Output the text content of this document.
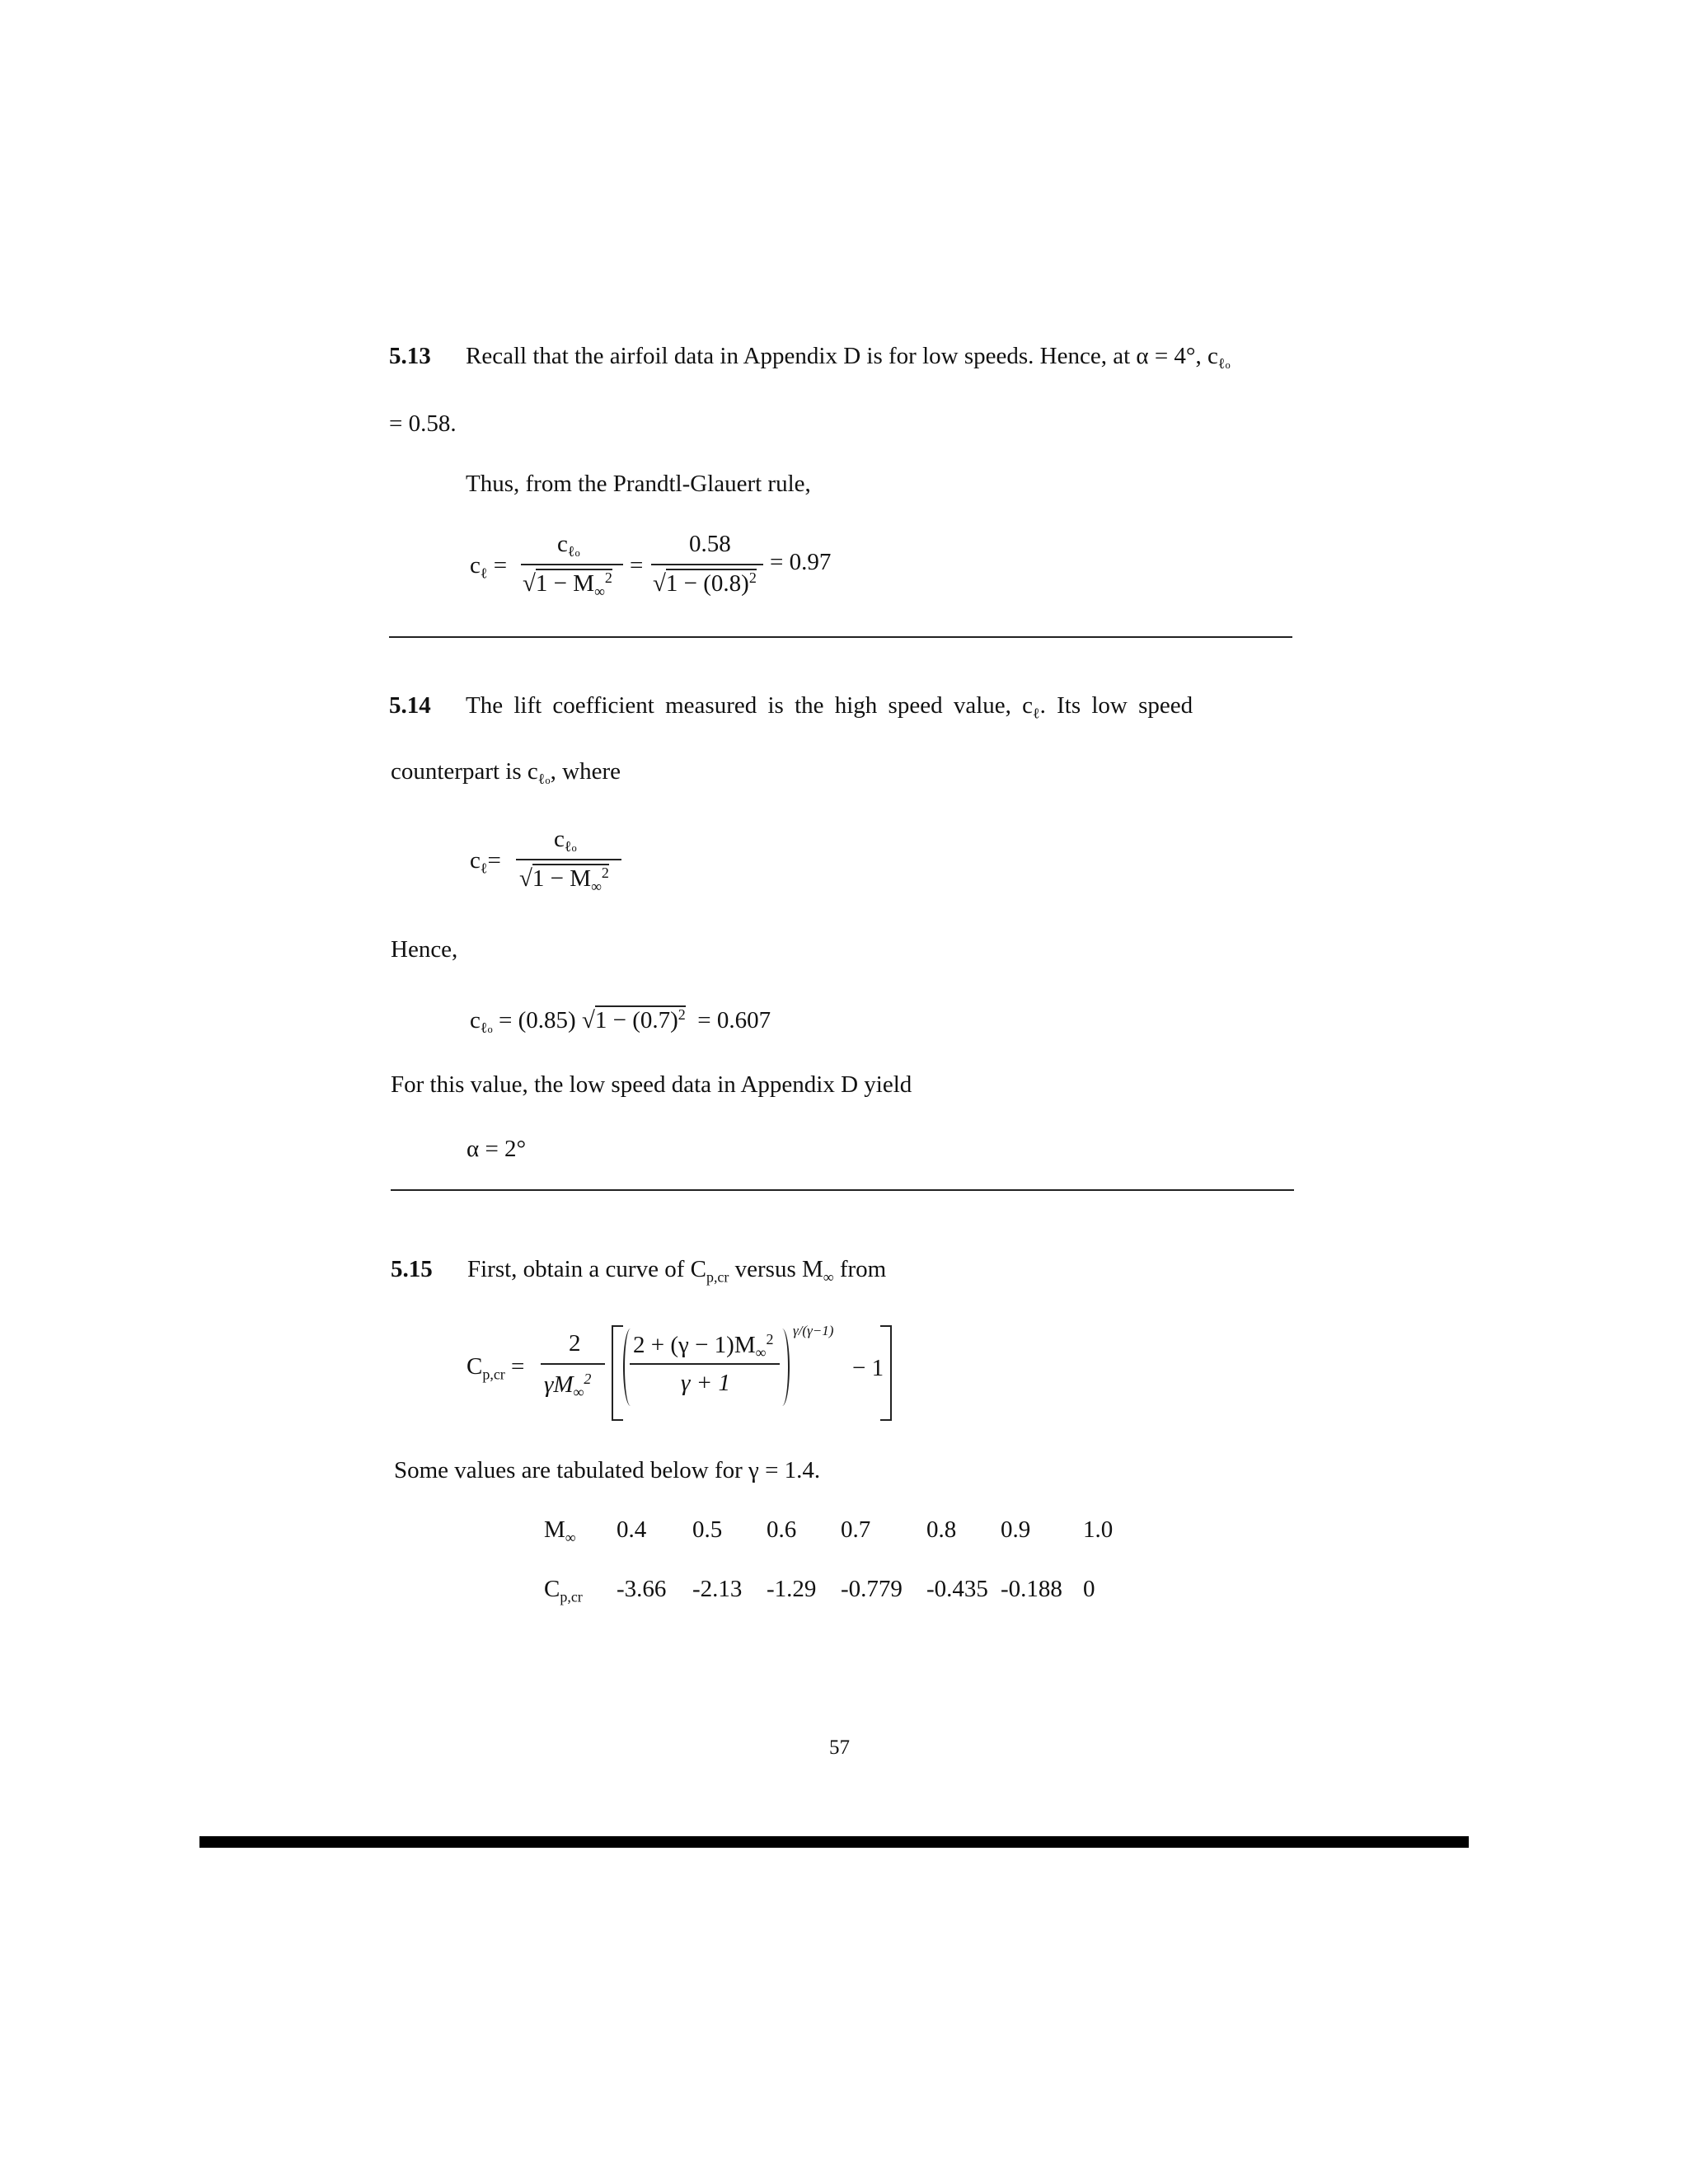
5.13 Recall that the airfoil data in Appendix D is for low speeds. Hence, at α = 4°, $c_{\ell o}$
= 0.58.
Thus, from the Prandtl-Glauert rule,
$c_\ell$ =
$c_{\ell o}$
$√1 - M_\infty^2$ =
0.58
$√1 - (0.8)^2$
= 0.97
5.14 The lift coefficient measured is the high speed value, $c_\ell$. Its low speed
counterpart is $c_{\ell o}$, where
$c_\ell=$
$c_{\ell o}$
$√1 - M_\infty^2$
Hence,
$c_{\ell o} = (0.85) √1 - (0.7)^2 = 0.607$
For this value, the low speed data in Appendix D yield
α = 2°
5.15 First, obtain a curve of $C_{p,cr}$ versus $M_\infty$ from
$C_{p,cr}$ =
2
$\gamma M_\infty^2$
$2 + (\gamma - 1)M_\infty^2$
γ + 1
γ/(γ−1)
− 1
Some values are tabulated below for γ = 1.4.
$M_\infty$ 0.4 0.5 0.6 0.7 0.8 0.9 1.0
$C_{p,cr}$ -3.66 -2.13 -1.29 -0.779 -0.435 -0.188 0
57
